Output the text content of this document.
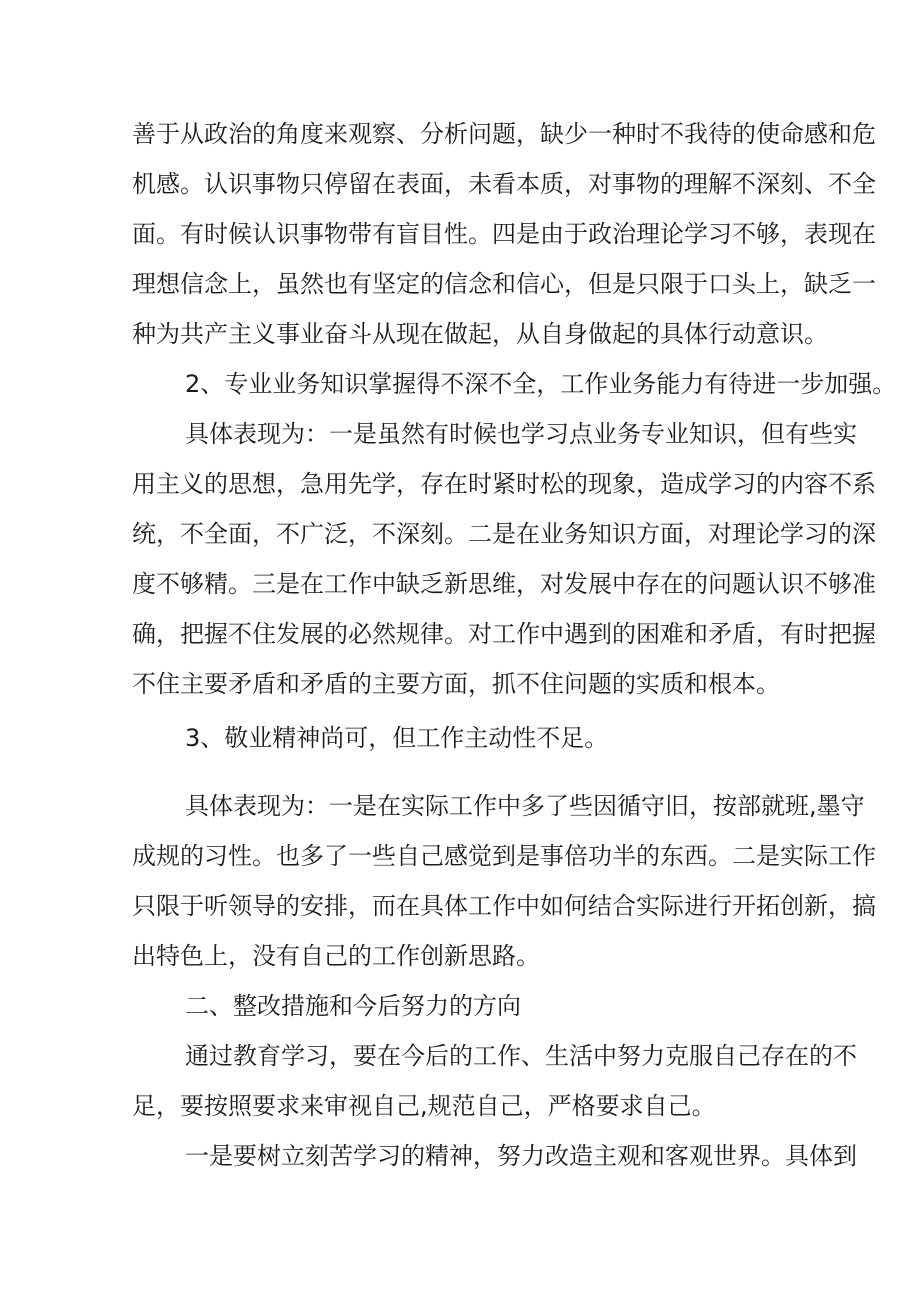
善于从政治的角度来观察、分析问题，缺少一种时不我待的使命感和危
机感。认识事物只停留在表面，未看本质，对事物的理解不深刻、不全
面。有时候认识事物带有盲目性。四是由于政治理论学习不够，表现在
理想信念上，虽然也有坚定的信念和信心，但是只限于口头上，缺乏一
种为共产主义事业奋斗从现在做起，从自身做起的具体行动意识。
2、专业业务知识掌握得不深不全，工作业务能力有待进一步加强。
具体表现为：一是虽然有时候也学习点业务专业知识，但有些实
用主义的思想，急用先学，存在时紧时松的现象，造成学习的内容不系
统，不全面，不广泛，不深刻。二是在业务知识方面，对理论学习的深
度不够精。三是在工作中缺乏新思维，对发展中存在的问题认识不够准
确，把握不住发展的必然规律。对工作中遇到的困难和矛盾，有时把握
不住主要矛盾和矛盾的主要方面，抓不住问题的实质和根本。
3、敬业精神尚可，但工作主动性不足。
具体表现为：一是在实际工作中多了些因循守旧，按部就班,墨守
成规的习性。也多了一些自己感觉到是事倍功半的东西。二是实际工作
只限于听领导的安排，而在具体工作中如何结合实际进行开拓创新，搞
出特色上，没有自己的工作创新思路。
二、整改措施和今后努力的方向
通过教育学习，要在今后的工作、生活中努力克服自己存在的不
足，要按照要求来审视自己,规范自己，严格要求自己。
一是要树立刻苦学习的精神，努力改造主观和客观世界。具体到
